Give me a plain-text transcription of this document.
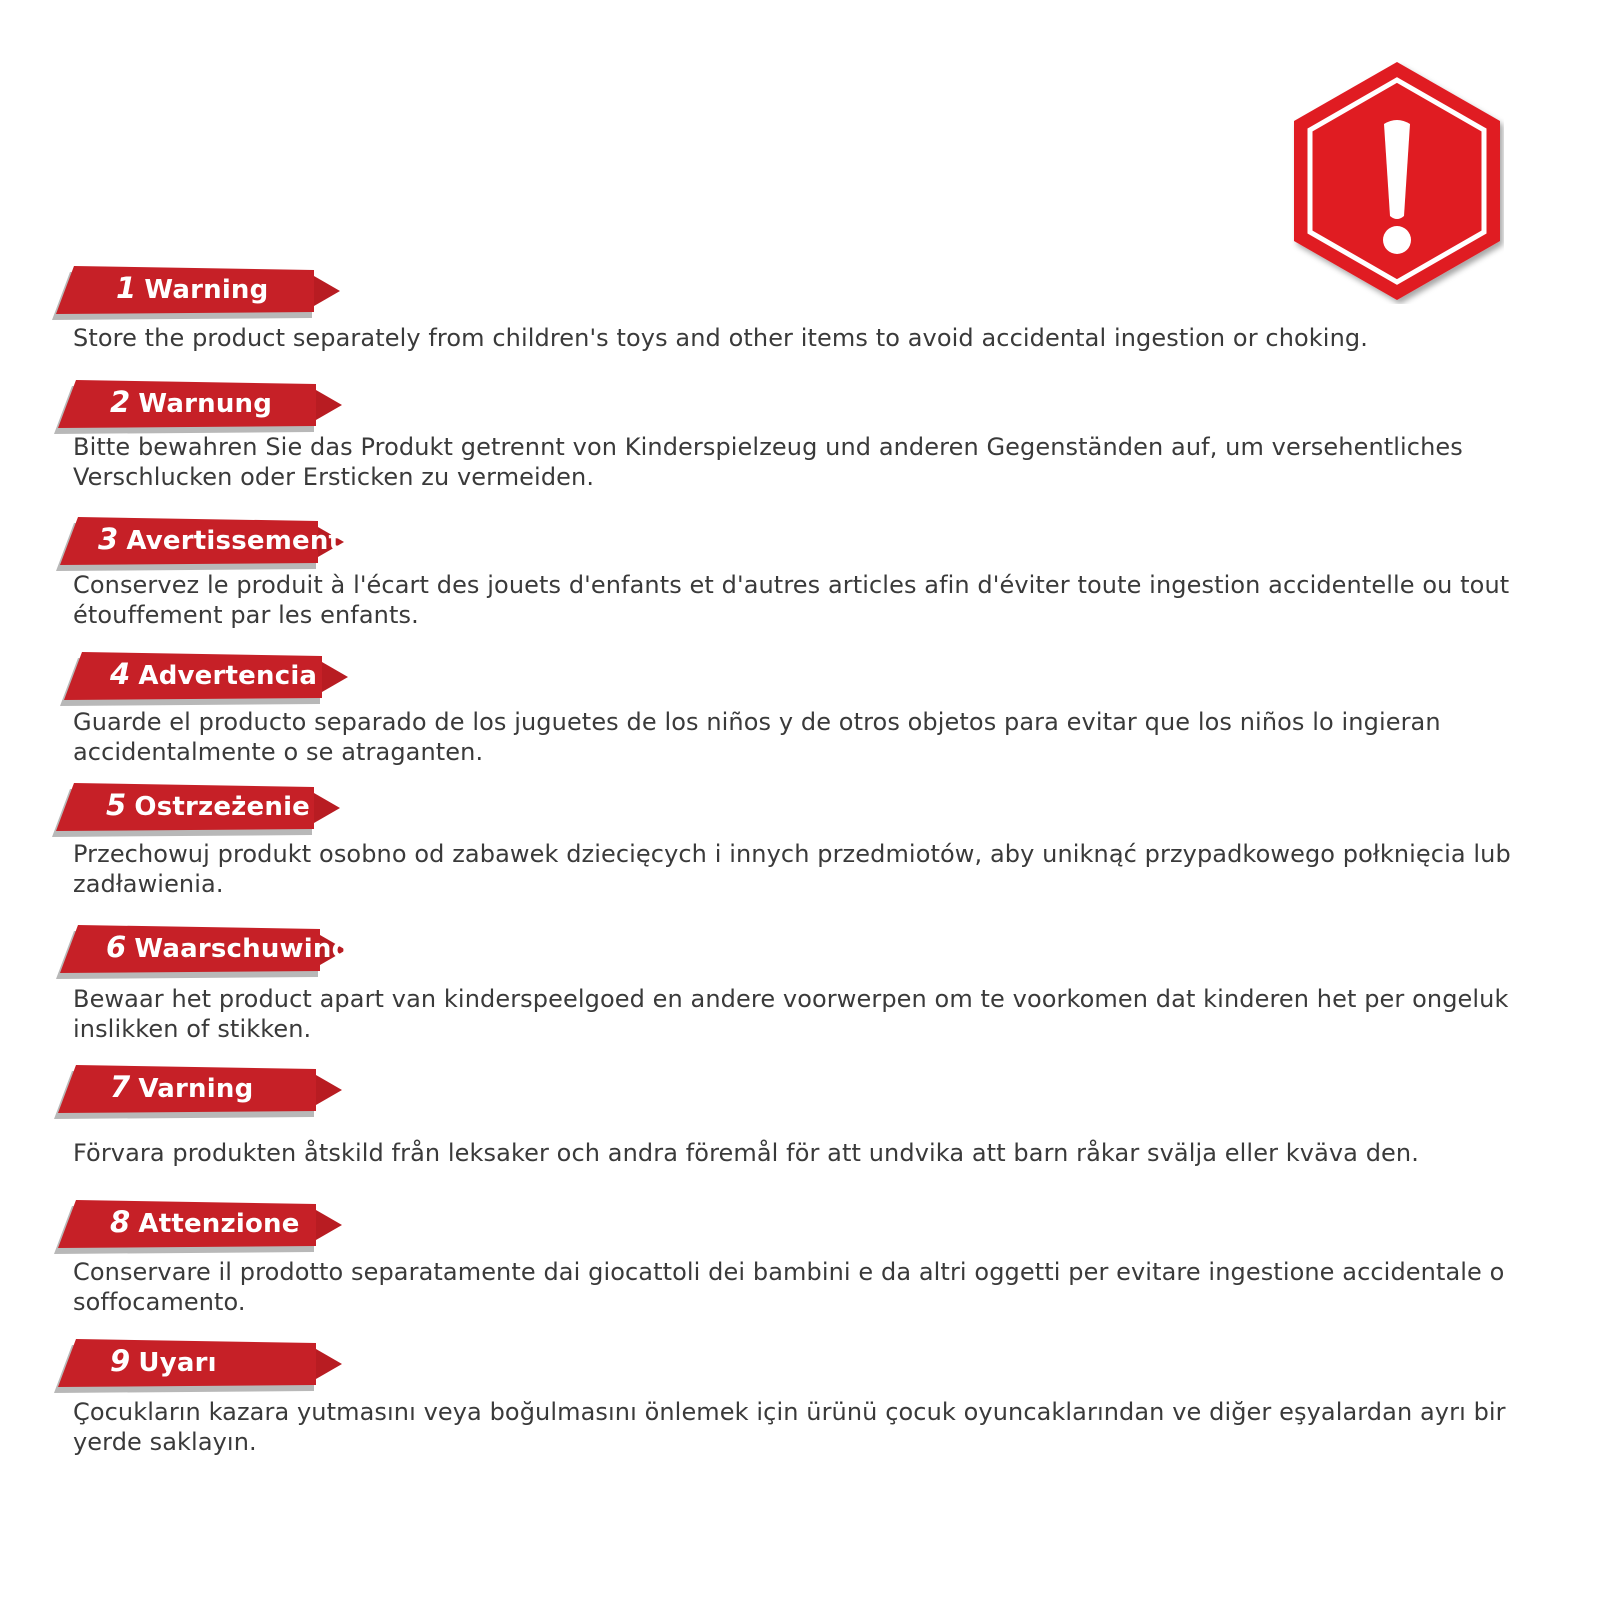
1 Warning
Store the product separately from children's toys and other items to avoid accidental ingestion or choking.
2 Warnung
Bitte bewahren Sie das Produkt getrennt von Kinderspielzeug und anderen Gegenständen auf, um versehentliches Verschlucken oder Ersticken zu vermeiden.
3 Avertissement
Conservez le produit à l'écart des jouets d'enfants et d'autres articles afin d'éviter toute ingestion accidentelle ou tout étouffement par les enfants.
4 Advertencia
Guarde el producto separado de los juguetes de los niños y de otros objetos para evitar que los niños lo ingieran accidentalmente o se atraganten.
5 Ostrzeżenie
Przechowuj produkt osobno od zabawek dziecięcych i innych przedmiotów, aby uniknąć przypadkowego połknięcia lub zadławienia.
6 Waarschuwing
Bewaar het product apart van kinderspeelgoed en andere voorwerpen om te voorkomen dat kinderen het per ongeluk inslikken of stikken.
7 Varning
Förvara produkten åtskild från leksaker och andra föremål för att undvika att barn råkar svälja eller kväva den.
8 Attenzione
Conservare il prodotto separatamente dai giocattoli dei bambini e da altri oggetti per evitare ingestione accidentale o soffocamento.
9 Uyarı
Çocukların kazara yutmasını veya boğulmasını önlemek için ürünü çocuk oyuncaklarından ve diğer eşyalardan ayrı bir yerde saklayın.
